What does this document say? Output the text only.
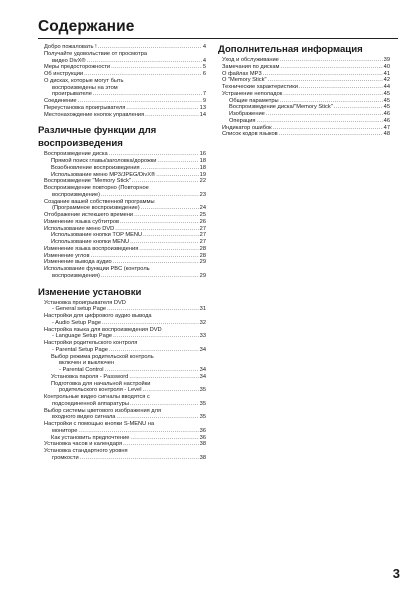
Содержание
Добро пожаловать ! . . .	4
Получайте удовольствие от просмотра
видео DivX® . . .	4
Меры предосторожности . . .	5
Об инструкции . . .	6
О дисках, которые могут быть
воспроизведены на этом
проигрывателе . . .	7
Соединение . . .	9
Переустановка проигрывателя . . .	13
Местонахождение кнопок управления . . .	14
Различные функции для
воспроизведения
Воспроизведение диска . . .	16
Прямой поиск главы/заголовка/дорожки . . .	18
Возобновление воспроизведения . . .	18
Использование меню MP3/JPEG/DivX® . . .	19
Воспроизведение "Memory Stick" . . .	22
Воспроизведение повторно (Повторное
воспроизведение) . . .	23
Создание вашей собственной программы
(Программное воспроизведение) . . .	24
Отображение истекшего времени . . .	25
Изменение языка субтитров . . .	26
Использование меню DVD . . .	27
Использование кнопки TOP MENU . . .	27
Использование кнопки MENU . . .	27
Изменение языка воспроизведения . . .	28
Изменение углов . . .	28
Изменение вывода аудио . . .	29
Использование функции PBC (контроль
воспроизведения) . . .	29
Изменение установки
Установка проигрывателя DVD
- General setup Page . . .	31
Настройки для цифрового аудио вывода
- Audio Setup Page . . .	32
Настройка языка для воспроизведения DVD
- Language Setup Page . . .	33
Настройки родительского контроля
- Parental Setup Page . . .	34
Выбор режима родительской контроль
включен и выключен
- Parental Control . . .	34
Установка пароля - Password . . .	34
Подготовка для начальной настройки
родительского контроля - Level . . .	35
Контрольные видео сигналы вводятся с
подсоединенной аппаратуры . . .	35
Выбор системы цветового изображения для
входного видео сигнала . . .	35
Настройки с помощью кнопки S-MENU на
мониторе . . .	36
Как установить предпочтение . . .	36
Установка часов и календаря . . .	38
Установка стандартного уровня
громкости . . .	38
Дополнительная информация
Уход и обслуживание . . .	39
Замечания по дискам . . .	40
О файлах MP3 . . .	41
О "Memory Stick" . . .	42
Технические характеристики . . .	44
Устранение неполадок . . .	45
Общие параметры . . .	45
Воспроизведение диска/"Memory Stick" . . .	45
Изображение . . .	46
Операция . . .	46
Индикатор ошибок . . .	47
Список кодов языков . . .	48
3
